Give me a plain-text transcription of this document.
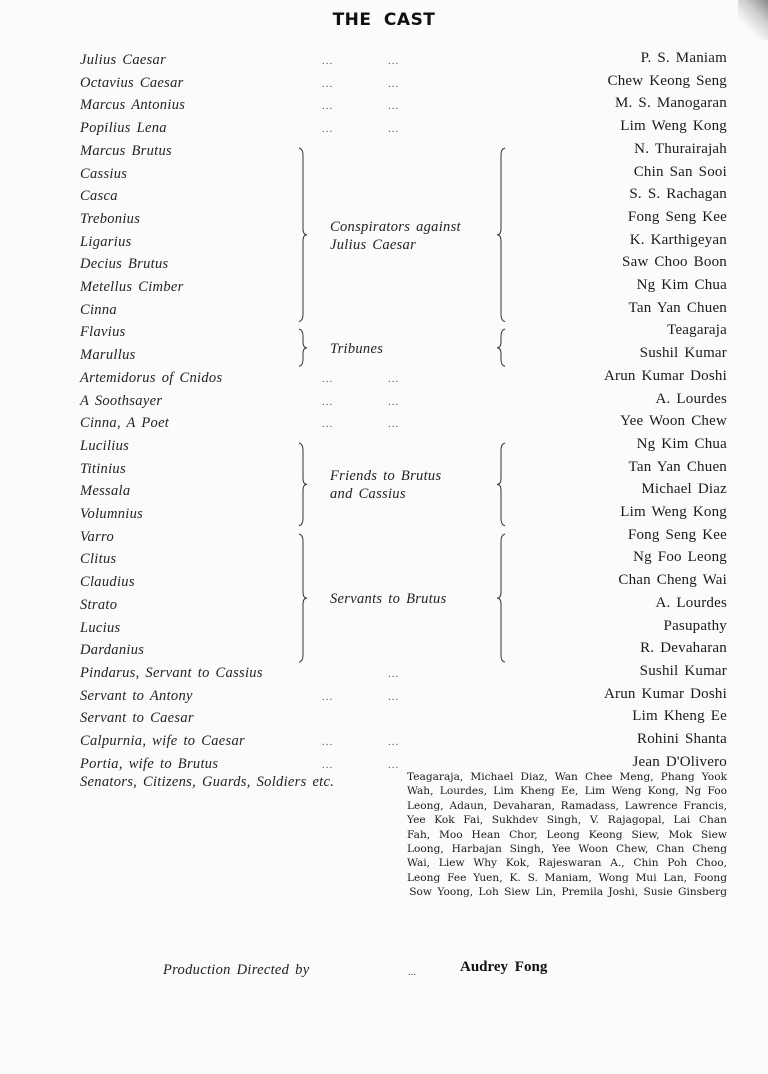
THE CAST
Julius Caesar	P. S. Maniam
...	...
Octavius Caesar	Chew Keong Seng
...	...
Marcus Antonius	M. S. Manogaran
...	...
Popilius Lena	Lim Weng Kong
...	...
Marcus Brutus	N. Thurairajah
Cassius	Chin San Sooi
Casca	S. S. Rachagan
Trebonius	Fong Seng Kee
Ligarius	K. Karthigeyan
Decius Brutus	Saw Choo Boon
Metellus Cimber	Ng Kim Chua
Cinna	Tan Yan Chuen
Flavius	Teagaraja
Marullus	Sushil Kumar
Artemidorus of Cnidos	Arun Kumar Doshi
...	...
A Soothsayer	A. Lourdes
...	...
Cinna, A Poet	Yee Woon Chew
...	...
Lucilius	Ng Kim Chua
Titinius	Tan Yan Chuen
Messala	Michael Diaz
Volumnius	Lim Weng Kong
Varro	Fong Seng Kee
Clitus	Ng Foo Leong
Claudius	Chan Cheng Wai
Strato	A. Lourdes
Lucius	Pasupathy
Dardanius	R. Devaharan
Pindarus, Servant to Cassius	Sushil Kumar
...
Servant to Antony	Arun Kumar Doshi
...	...
Servant to Caesar	Lim Kheng Ee
Calpurnia, wife to Caesar	Rohini Shanta
...	...
Portia, wife to Brutus	Jean D'Olivero
...	...
Conspirators against
Julius Caesar
Tribunes
Friends to Brutus
and Cassius
Servants to Brutus
Senators, Citizens, Guards, Soldiers etc.	Teagaraja, Michael Diaz, Wan Chee Meng, Phang Yook Wah, Lourdes, Lim Kheng Ee, Lim Weng Kong, Ng Foo Leong, Adaun, Devaharan, Ramadass, Lawrence Francis, Yee Kok Fai, Sukhdev Singh, V. Rajagopal, Lai Chan Fah, Moo Hean Chor, Leong Keong Siew, Mok Siew Loong, Harbajan Singh, Yee Woon Chew, Chan Cheng Wai, Liew Why Kok, Rajeswaran A., Chin Poh Choo, Leong Fee Yuen, K. S. Maniam, Wong Mui Lan, Foong Sow Yoong, Loh Siew Lin, Premila Joshi, Susie Ginsberg
Production Directed by	...	Audrey Fong
